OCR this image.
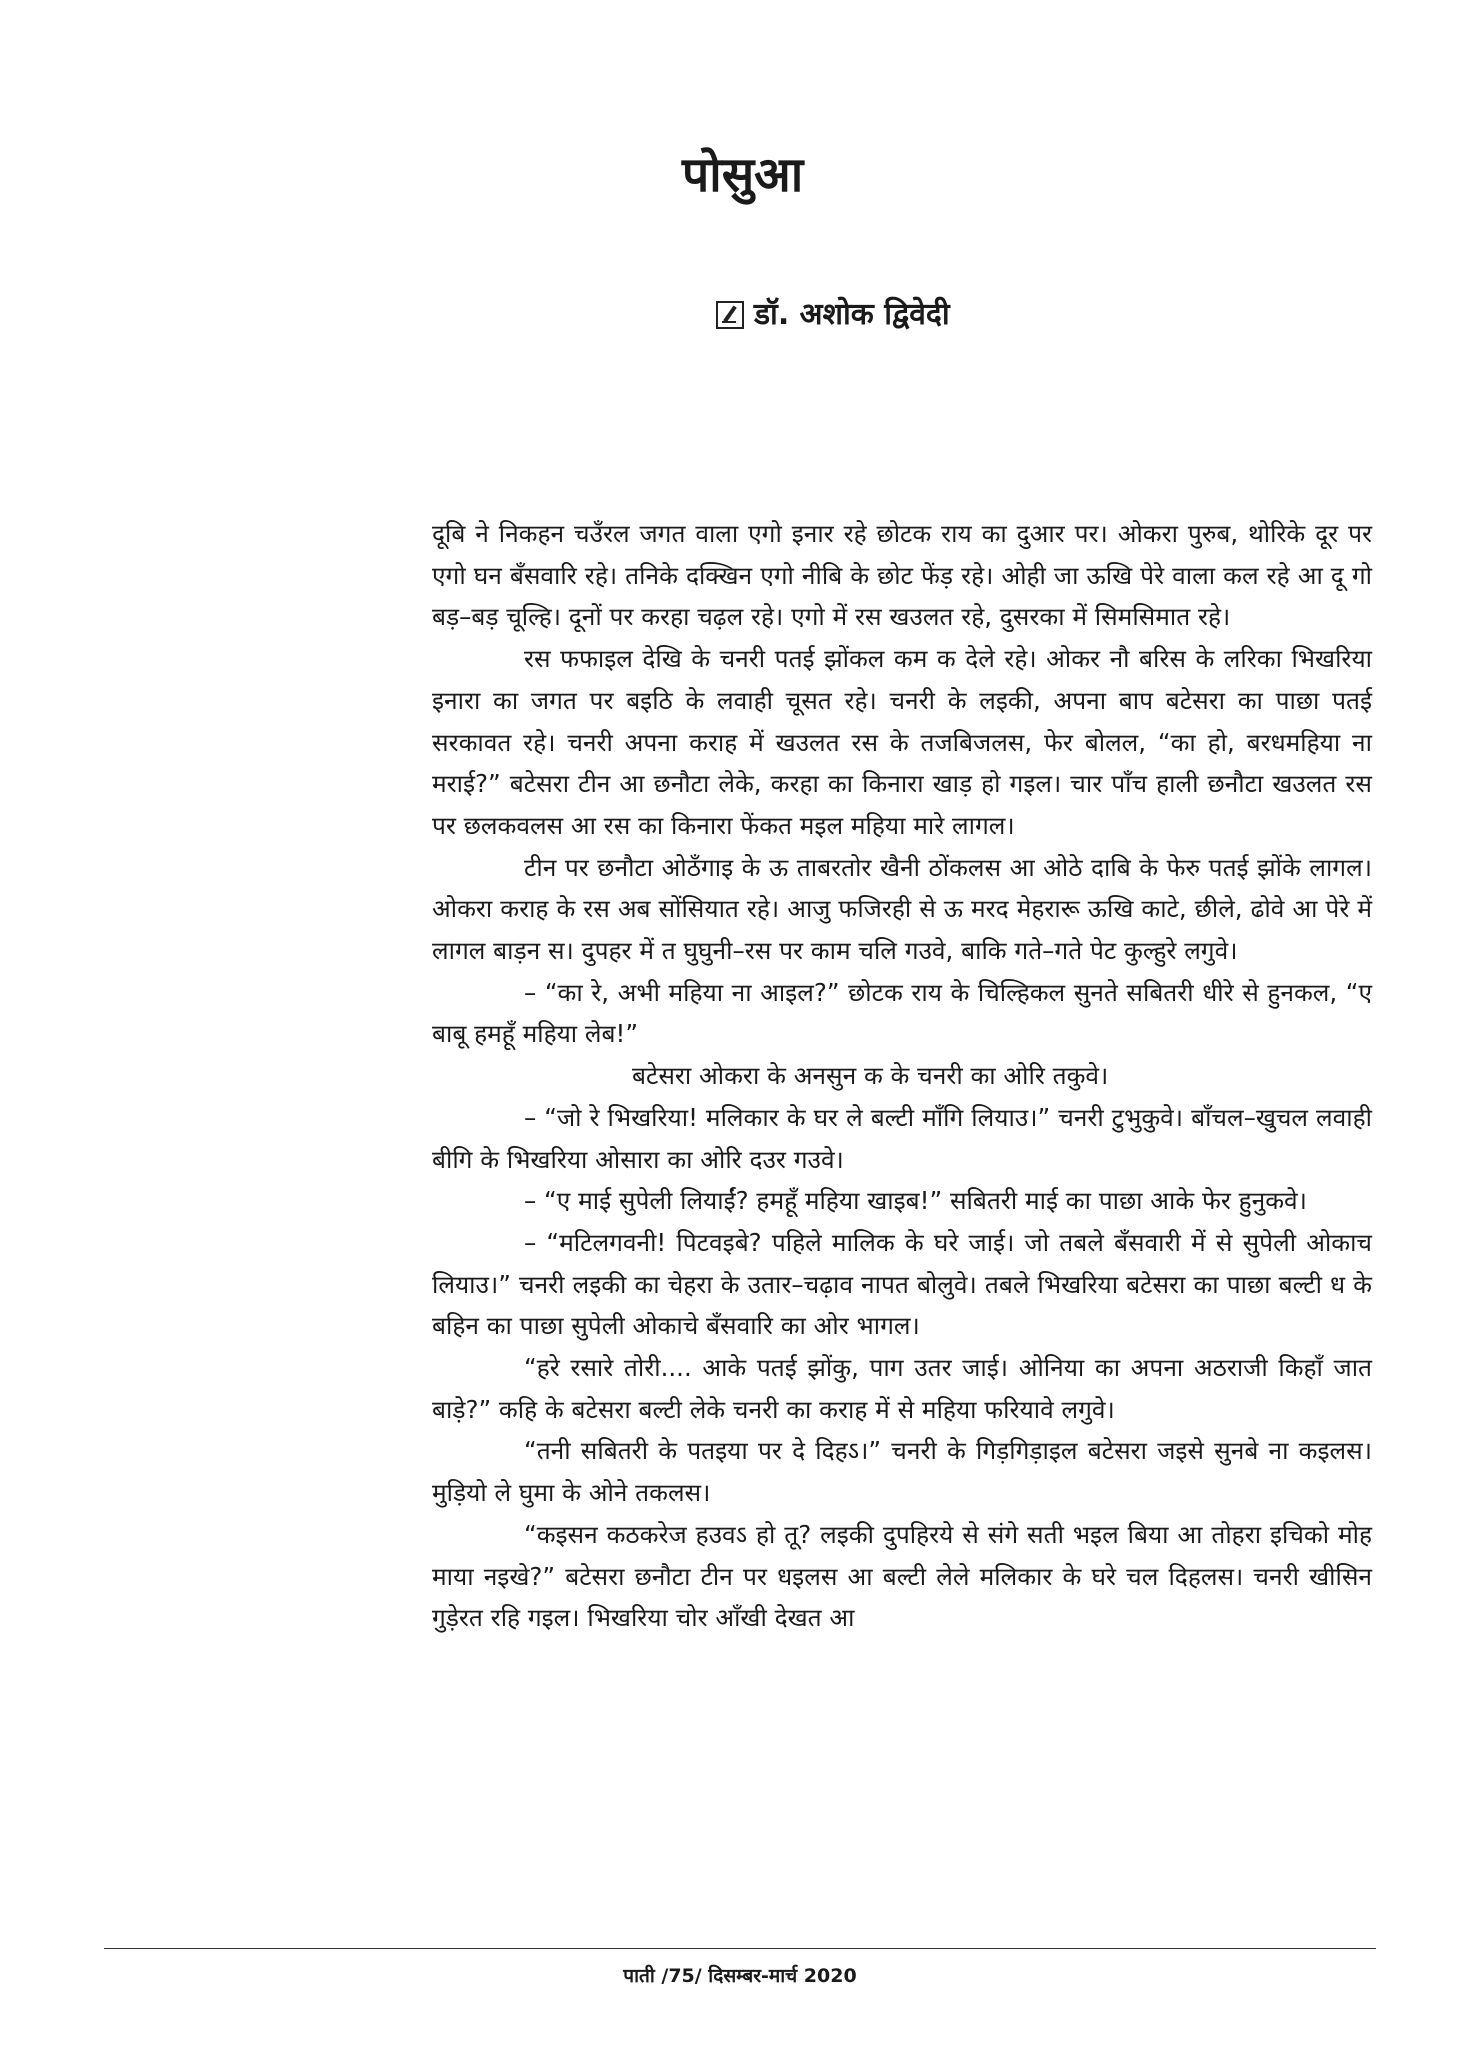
पोसुआ
डॉ. अशोक द्विवेदी

दूबि ने निकहन चउँरल जगत वाला एगो इनार रहे छोटक राय का दुआर पर। ओकरा पुरुब, थोरिके दूर पर एगो घन बँसवारि रहे। तनिके दक्खिन एगो नीबि के छोट फेंड़ रहे। ओही जा ऊखि पेरे वाला कल रहे आ दू गो बड़–बड़ चूल्हि। दूनों पर करहा चढ़ल रहे। एगो में रस खउलत रहे, दुसरका में सिमसिमात रहे।

रस फफाइल देखि के चनरी पतई झोंकल कम क देले रहे। ओकर नौ बरिस के लरिका भिखरिया इनारा का जगत पर बइठि के लवाही चूसत रहे। चनरी के लइकी, अपना बाप बटेसरा का पाछा पतई सरकावत रहे। चनरी अपना कराह में खउलत रस के तजबिजलस, फेर बोलल, “का हो, बरधमहिया ना मराई?” बटेसरा टीन आ छनौटा लेके, करहा का किनारा खाड़ हो गइल। चार पाँच हाली छनौटा खउलत रस पर छलकवलस आ रस का किनारा फेंकत मइल महिया मारे लागल।

टीन पर छनौटा ओठँगाइ के ऊ ताबरतोर खैनी ठोंकलस आ ओठे दाबि के फेरु पतई झोंके लागल। ओकरा कराह के रस अब सोंसियात रहे। आजु फजिरही से ऊ मरद मेहरारू ऊखि काटे, छीले, ढोवे आ पेरे में लागल बाड़न स। दुपहर में त घुघुनी–रस पर काम चलि गउवे, बाकि गते–गते पेट कुल्हुरे लगुवे।

– “का रे, अभी महिया ना आइल?” छोटक राय के चिल्हिकल सुनते सबितरी धीरे से हुनकल, “ए बाबू हमहूँ महिया लेब!”

बटेसरा ओकरा के अनसुन क के चनरी का ओरि तकुवे।

– “जो रे भिखरिया! मलिकार के घर ले बल्टी माँगि लियाउ।” चनरी टुभुकुवे। बाँचल–खुचल लवाही बीगि के भिखरिया ओसारा का ओरि दउर गउवे।

– “ए माई सुपेली लियाईं? हमहूँ महिया खाइब!” सबितरी माई का पाछा आके फेर हुनुकवे।

– “मटिलगवनी! पिटवइबे? पहिले मालिक के घरे जाई। जो तबले बँसवारी में से सुपेली ओकाच लियाउ।” चनरी लइकी का चेहरा के उतार–चढ़ाव नापत बोलुवे। तबले भिखरिया बटेसरा का पाछा बल्टी ध के बहिन का पाछा सुपेली ओकाचे बँसवारि का ओर भागल।

“हरे रसारे तोरी.... आके पतई झोंकु, पाग उतर जाई। ओनिया का अपना अठराजी किहाँ जात बाड़े?” कहि के बटेसरा बल्टी लेके चनरी का कराह में से महिया फरियावे लगुवे।

“तनी सबितरी के पतइया पर दे दिहऽ।” चनरी के गिड़गिड़ाइल बटेसरा जइसे सुनबे ना कइलस। मुड़ियो ले घुमा के ओने तकलस।

“कइसन कठकरेज हउवऽ हो तू? लइकी दुपहिरये से संगे सती भइल बिया आ तोहरा इचिको मोह माया नइखे?” बटेसरा छनौटा टीन पर धइलस आ बल्टी लेले मलिकार के घरे चल दिहलस। चनरी खीसिन गुड़ेरत रहि गइल। भिखरिया चोर आँखी देखत आ

पाती /75/ दिसम्बर-मार्च 2020
